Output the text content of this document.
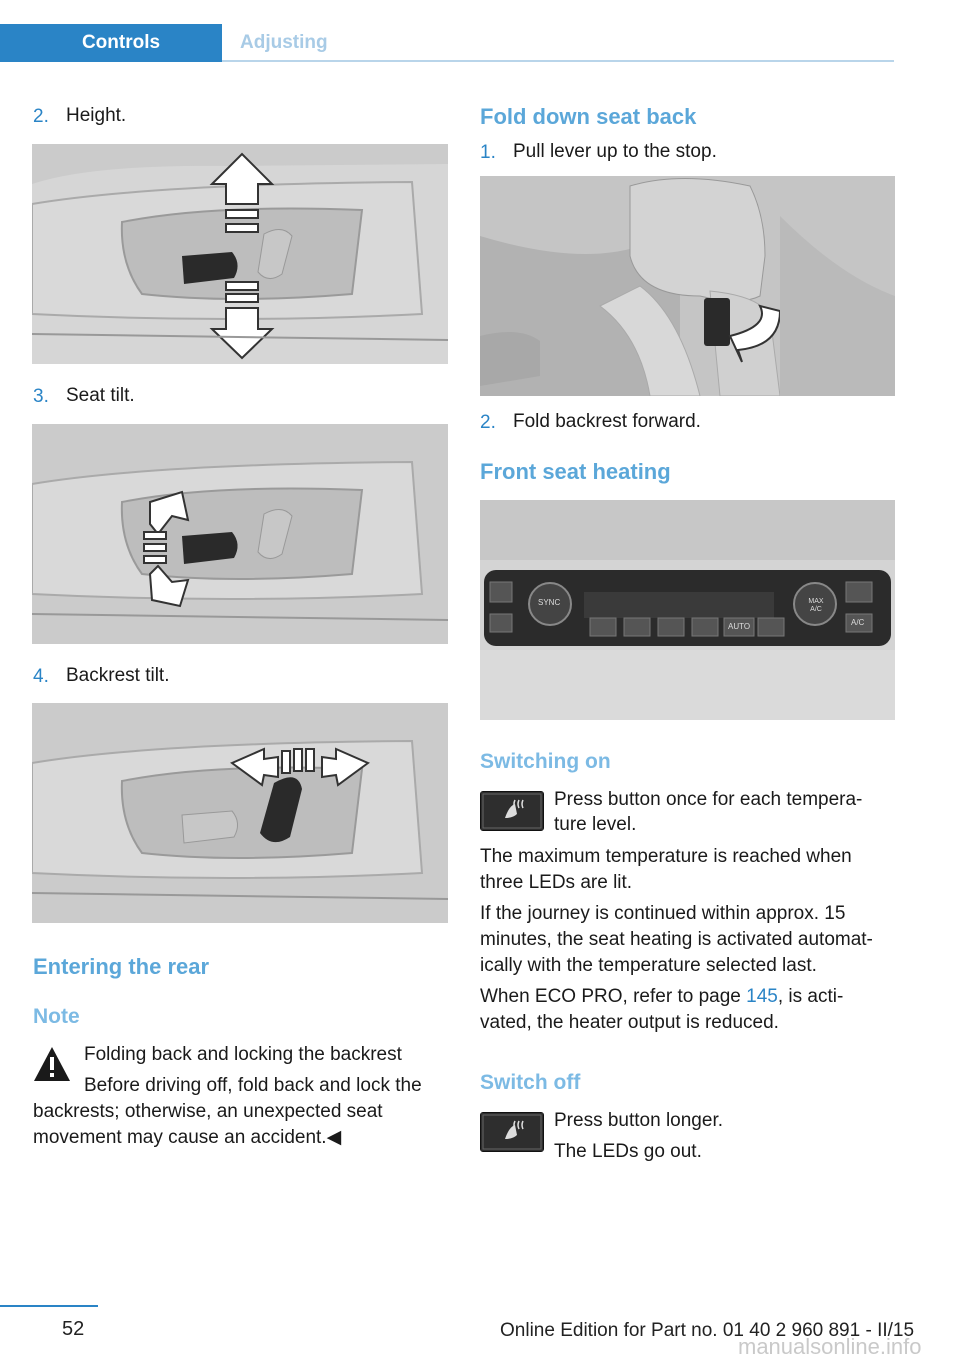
Controls	Adjusting
2. Height.
3. Seat tilt.
4. Backrest tilt.
Entering the rear
Note
Folding back and locking the backrest
Before driving off, fold back and lock the
backrests; otherwise, an unexpected seat
movement may cause an accident.◀
Fold down seat back
1. Pull lever up to the stop.
2. Fold backrest forward.
Front seat heating
SYNC
AUTO
MAX A/C
A/C
Switching on
Press button once for each tempera-
ture level.
The maximum temperature is reached when
three LEDs are lit.
If the journey is continued within approx. 15
minutes, the seat heating is activated automat-
ically with the temperature selected last.
When ECO PRO, refer to page 145, is acti-
vated, the heater output is reduced.
Switch off
Press button longer.
The LEDs go out.
52	Online Edition for Part no. 01 40 2 960 891 - II/15
manualsonline.info
